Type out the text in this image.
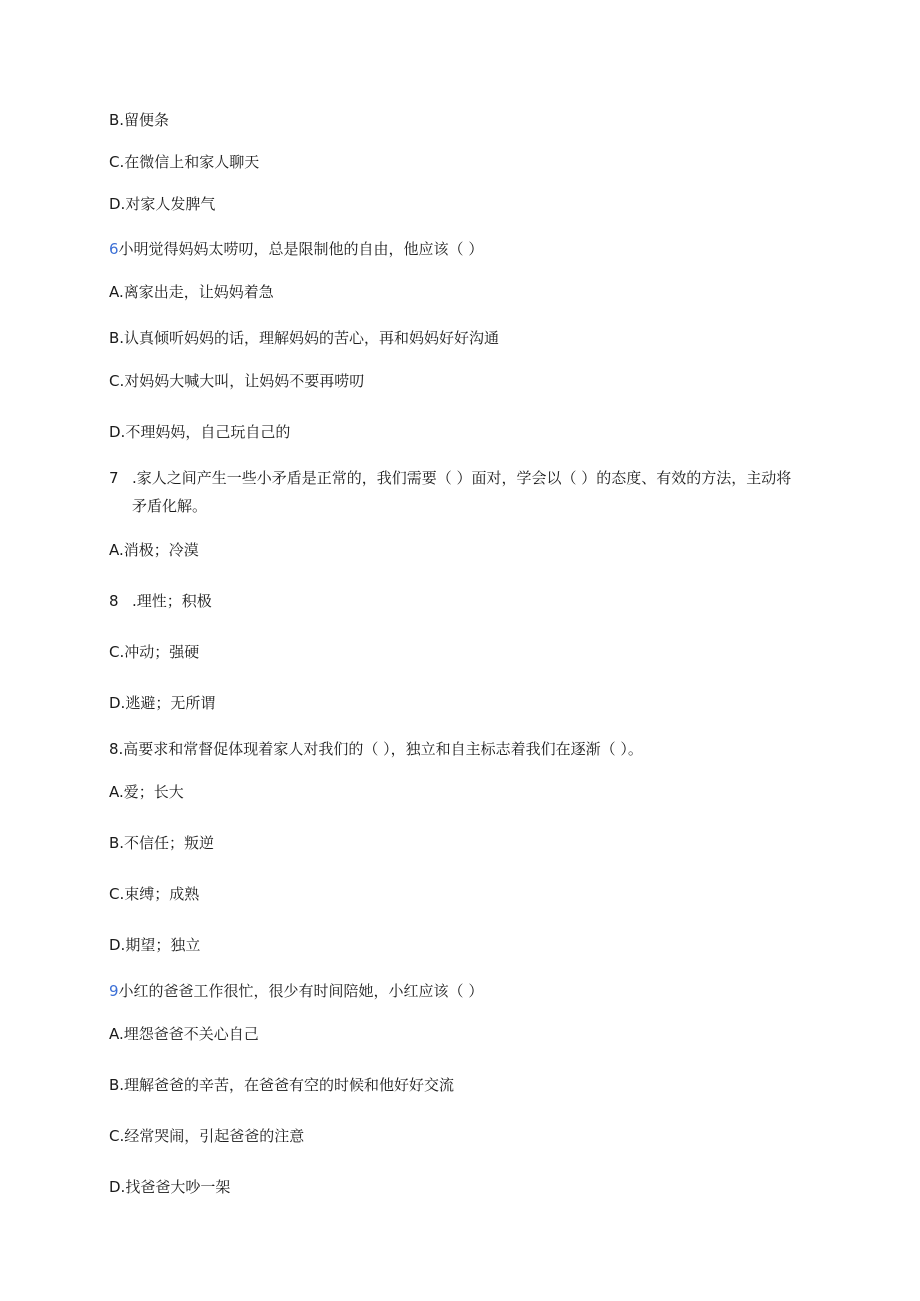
B.留便条
C.在微信上和家人聊天
D.对家人发脾气
6小明觉得妈妈太唠叨，总是限制他的自由，他应该（ ）
A.离家出走，让妈妈着急
B.认真倾听妈妈的话，理解妈妈的苦心，再和妈妈好好沟通
C.对妈妈大喊大叫，让妈妈不要再唠叨
D.不理妈妈，自己玩自己的
7 .家人之间产生一些小矛盾是正常的，我们需要（ ）面对，学会以（ ）的态度、有效的方法，主动将
矛盾化解。
A.消极；冷漠
8 .理性；积极
C.冲动；强硬
D.逃避；无所谓
8.高要求和常督促体现着家人对我们的（ ），独立和自主标志着我们在逐渐（ ）。
A.爱；长大
B.不信任；叛逆
C.束缚；成熟
D.期望；独立
9小红的爸爸工作很忙，很少有时间陪她，小红应该（ ）
A.埋怨爸爸不关心自己
B.理解爸爸的辛苦，在爸爸有空的时候和他好好交流
C.经常哭闹，引起爸爸的注意
D.找爸爸大吵一架
